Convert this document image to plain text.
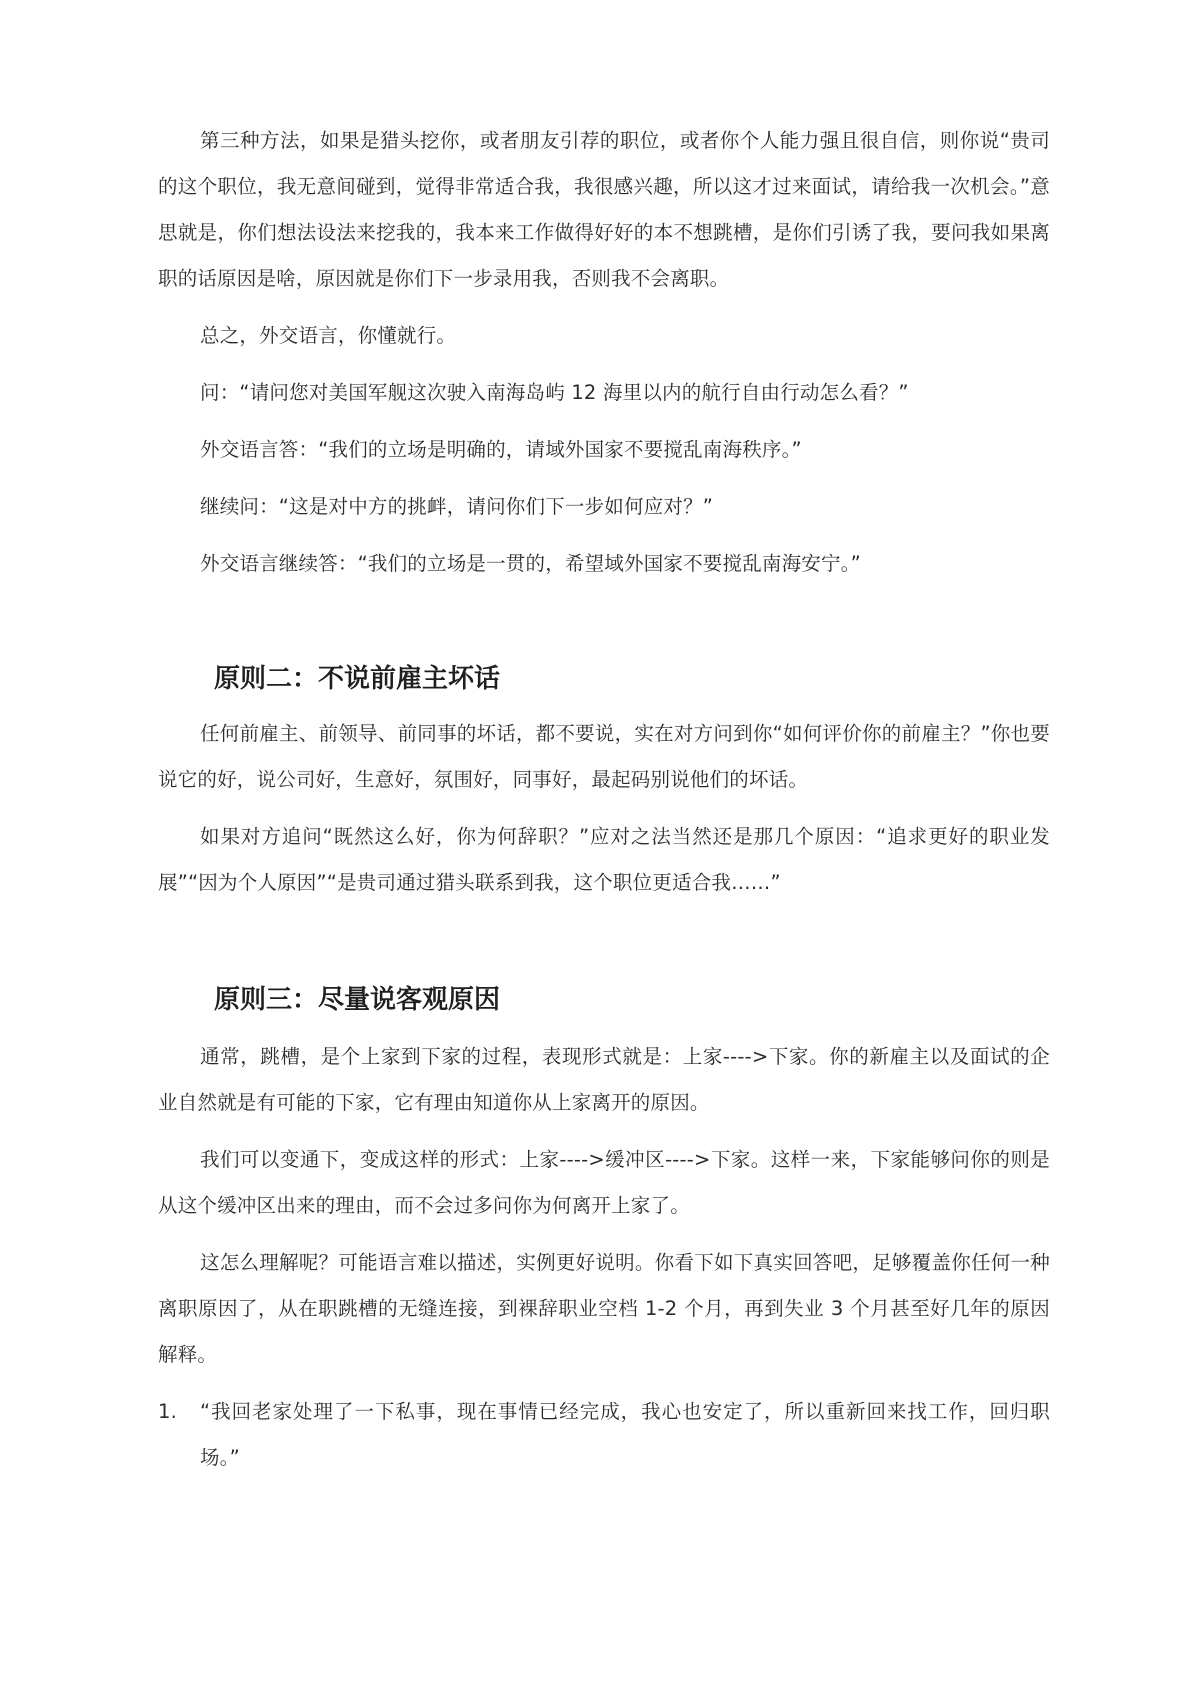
第三种方法，如果是猎头挖你，或者朋友引荐的职位，或者你个人能力强且很自信，则你说“贵司的这个职位，我无意间碰到，觉得非常适合我，我很感兴趣，所以这才过来面试，请给我一次机会。”意思就是，你们想法设法来挖我的，我本来工作做得好好的本不想跳槽，是你们引诱了我，要问我如果离职的话原因是啥，原因就是你们下一步录用我，否则我不会离职。

总之，外交语言，你懂就行。

问：“请问您对美国军舰这次驶入南海岛屿 12 海里以内的航行自由行动怎么看？”

外交语言答：“我们的立场是明确的，请域外国家不要搅乱南海秩序。”

继续问：“这是对中方的挑衅，请问你们下一步如何应对？”

外交语言继续答：“我们的立场是一贯的，希望域外国家不要搅乱南海安宁。”

原则二：不说前雇主坏话

任何前雇主、前领导、前同事的坏话，都不要说，实在对方问到你“如何评价你的前雇主？”你也要说它的好，说公司好，生意好，氛围好，同事好，最起码别说他们的坏话。

如果对方追问“既然这么好，你为何辞职？”应对之法当然还是那几个原因：“追求更好的职业发展”“因为个人原因”“是贵司通过猎头联系到我，这个职位更适合我……”

原则三：尽量说客观原因

通常，跳槽，是个上家到下家的过程，表现形式就是：上家---->下家。你的新雇主以及面试的企业自然就是有可能的下家，它有理由知道你从上家离开的原因。

我们可以变通下，变成这样的形式：上家---->缓冲区---->下家。这样一来，下家能够问你的则是从这个缓冲区出来的理由，而不会过多问你为何离开上家了。

这怎么理解呢？可能语言难以描述，实例更好说明。你看下如下真实回答吧，足够覆盖你任何一种离职原因了，从在职跳槽的无缝连接，到裸辞职业空档 1-2 个月，再到失业 3 个月甚至好几年的原因解释。

1.	“我回老家处理了一下私事，现在事情已经完成，我心也安定了，所以重新回来找工作，回归职场。”
